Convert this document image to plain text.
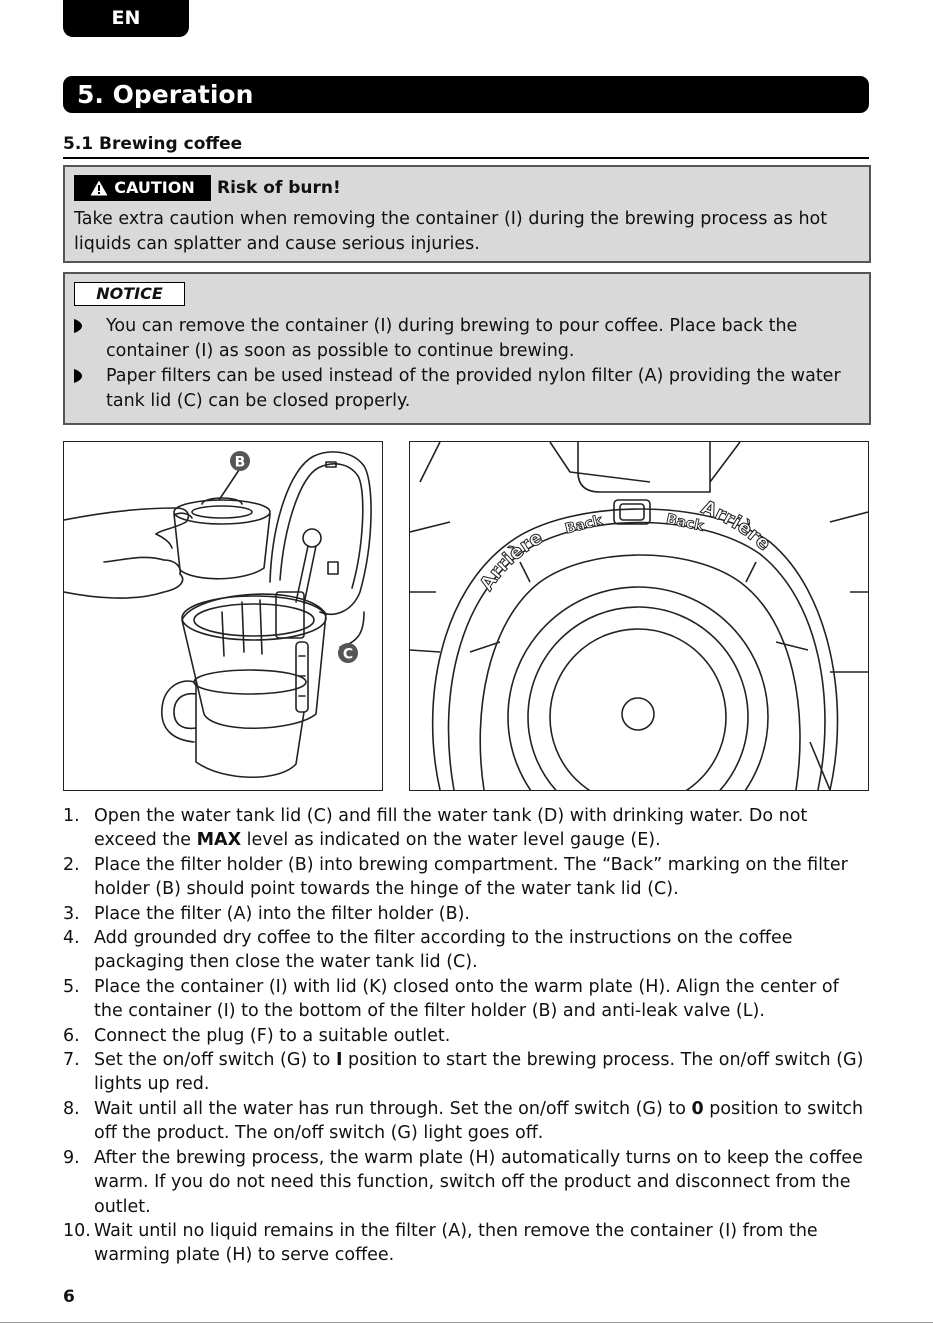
EN
5. Operation
5.1 Brewing coffee
CAUTION Risk of burn!
Take extra caution when removing the container (I) during the brewing process as hot liquids can splatter and cause serious injuries.
NOTICE
You can remove the container (I) during brewing to pour coffee. Place back the container (I) as soon as possible to continue brewing.
Paper filters can be used instead of the provided nylon filter (A) providing the water tank lid (C) can be closed properly.
B
C
Arrière
Back	Back
Arrière
1. Open the water tank lid (C) and fill the water tank (D) with drinking water. Do not exceed the MAX level as indicated on the water level gauge (E).
2. Place the filter holder (B) into brewing compartment. The “Back” marking on the filter holder (B) should point towards the hinge of the water tank lid (C).
3. Place the filter (A) into the filter holder (B).
4. Add grounded dry coffee to the filter according to the instructions on the coffee packaging then close the water tank lid (C).
5. Place the container (I) with lid (K) closed onto the warm plate (H). Align the center of the container (I) to the bottom of the filter holder (B) and anti-leak valve (L).
6. Connect the plug (F) to a suitable outlet.
7. Set the on/off switch (G) to I position to start the brewing process. The on/off switch (G) lights up red.
8. Wait until all the water has run through. Set the on/off switch (G) to 0 position to switch off the product. The on/off switch (G) light goes off.
9. After the brewing process, the warm plate (H) automatically turns on to keep the coffee warm. If you do not need this function, switch off the product and disconnect from the outlet.
10. Wait until no liquid remains in the filter (A), then remove the container (I) from the warming plate (H) to serve coffee.
6
